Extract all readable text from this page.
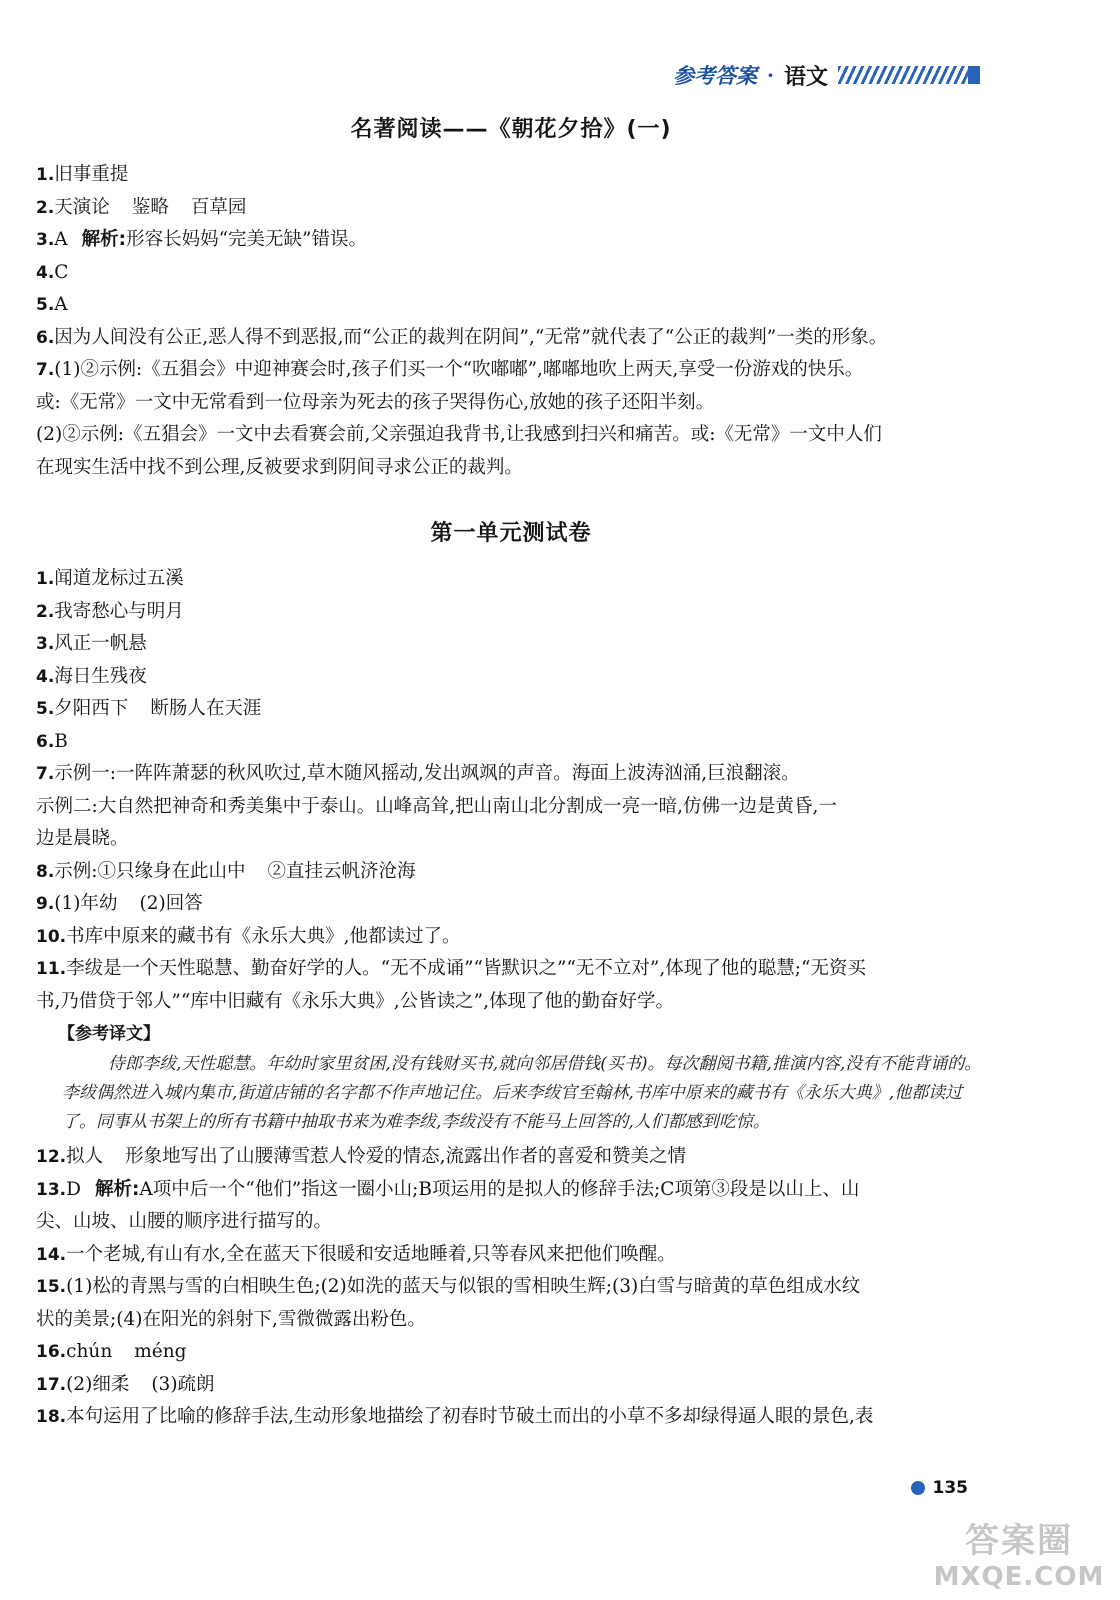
参考答案 · 语文
名著阅读——《朝花夕拾》(一)
1.旧事重提
2.天演论 鉴略 百草园
3.A 解析:形容长妈妈“完美无缺”错误。
4.C
5.A
6.因为人间没有公正,恶人得不到恶报,而“公正的裁判在阴间”,“无常”就代表了“公正的裁判”一类的形象。
7.(1)②示例:《五猖会》中迎神赛会时,孩子们买一个“吹嘟嘟”,嘟嘟地吹上两天,享受一份游戏的快乐。
或:《无常》一文中无常看到一位母亲为死去的孩子哭得伤心,放她的孩子还阳半刻。
(2)②示例:《五猖会》一文中去看赛会前,父亲强迫我背书,让我感到扫兴和痛苦。或:《无常》一文中人们
在现实生活中找不到公理,反被要求到阴间寻求公正的裁判。
第一单元测试卷
1.闻道龙标过五溪
2.我寄愁心与明月
3.风正一帆悬
4.海日生残夜
5.夕阳西下 断肠人在天涯
6.B
7.示例一:一阵阵萧瑟的秋风吹过,草木随风摇动,发出飒飒的声音。海面上波涛汹涌,巨浪翻滚。
示例二:大自然把神奇和秀美集中于泰山。山峰高耸,把山南山北分割成一亮一暗,仿佛一边是黄昏,一
边是晨晓。
8.示例:①只缘身在此山中 ②直挂云帆济沧海
9.(1)年幼 (2)回答
10.书库中原来的藏书有《永乐大典》,他都读过了。
11.李绂是一个天性聪慧、勤奋好学的人。“无不成诵”“皆默识之”“无不立对”,体现了他的聪慧;“无资买
书,乃借贷于邻人”“库中旧藏有《永乐大典》,公皆读之”,体现了他的勤奋好学。
【参考译文】
侍郎李绂,天性聪慧。年幼时家里贫困,没有钱财买书,就向邻居借钱(买书)。每次翻阅书籍,推演内容,没有不能背诵的。李绂偶然进入城内集市,街道店铺的名字都不作声地记住。后来李绂官至翰林,书库中原来的藏书有《永乐大典》,他都读过了。同事从书架上的所有书籍中抽取书来为难李绂,李绂没有不能马上回答的,人们都感到吃惊。
12.拟人 形象地写出了山腰薄雪惹人怜爱的情态,流露出作者的喜爱和赞美之情
13.D 解析:A项中后一个“他们”指这一圈小山;B项运用的是拟人的修辞手法;C项第③段是以山上、山
尖、山坡、山腰的顺序进行描写的。
14.一个老城,有山有水,全在蓝天下很暖和安适地睡着,只等春风来把他们唤醒。
15.(1)松的青黑与雪的白相映生色;(2)如洗的蓝天与似银的雪相映生辉;(3)白雪与暗黄的草色组成水纹
状的美景;(4)在阳光的斜射下,雪微微露出粉色。
16.chún méng
17.(2)细柔 (3)疏朗
18.本句运用了比喻的修辞手法,生动形象地描绘了初春时节破土而出的小草不多却绿得逼人眼的景色,表
135
答案圈
MXQE.COM
